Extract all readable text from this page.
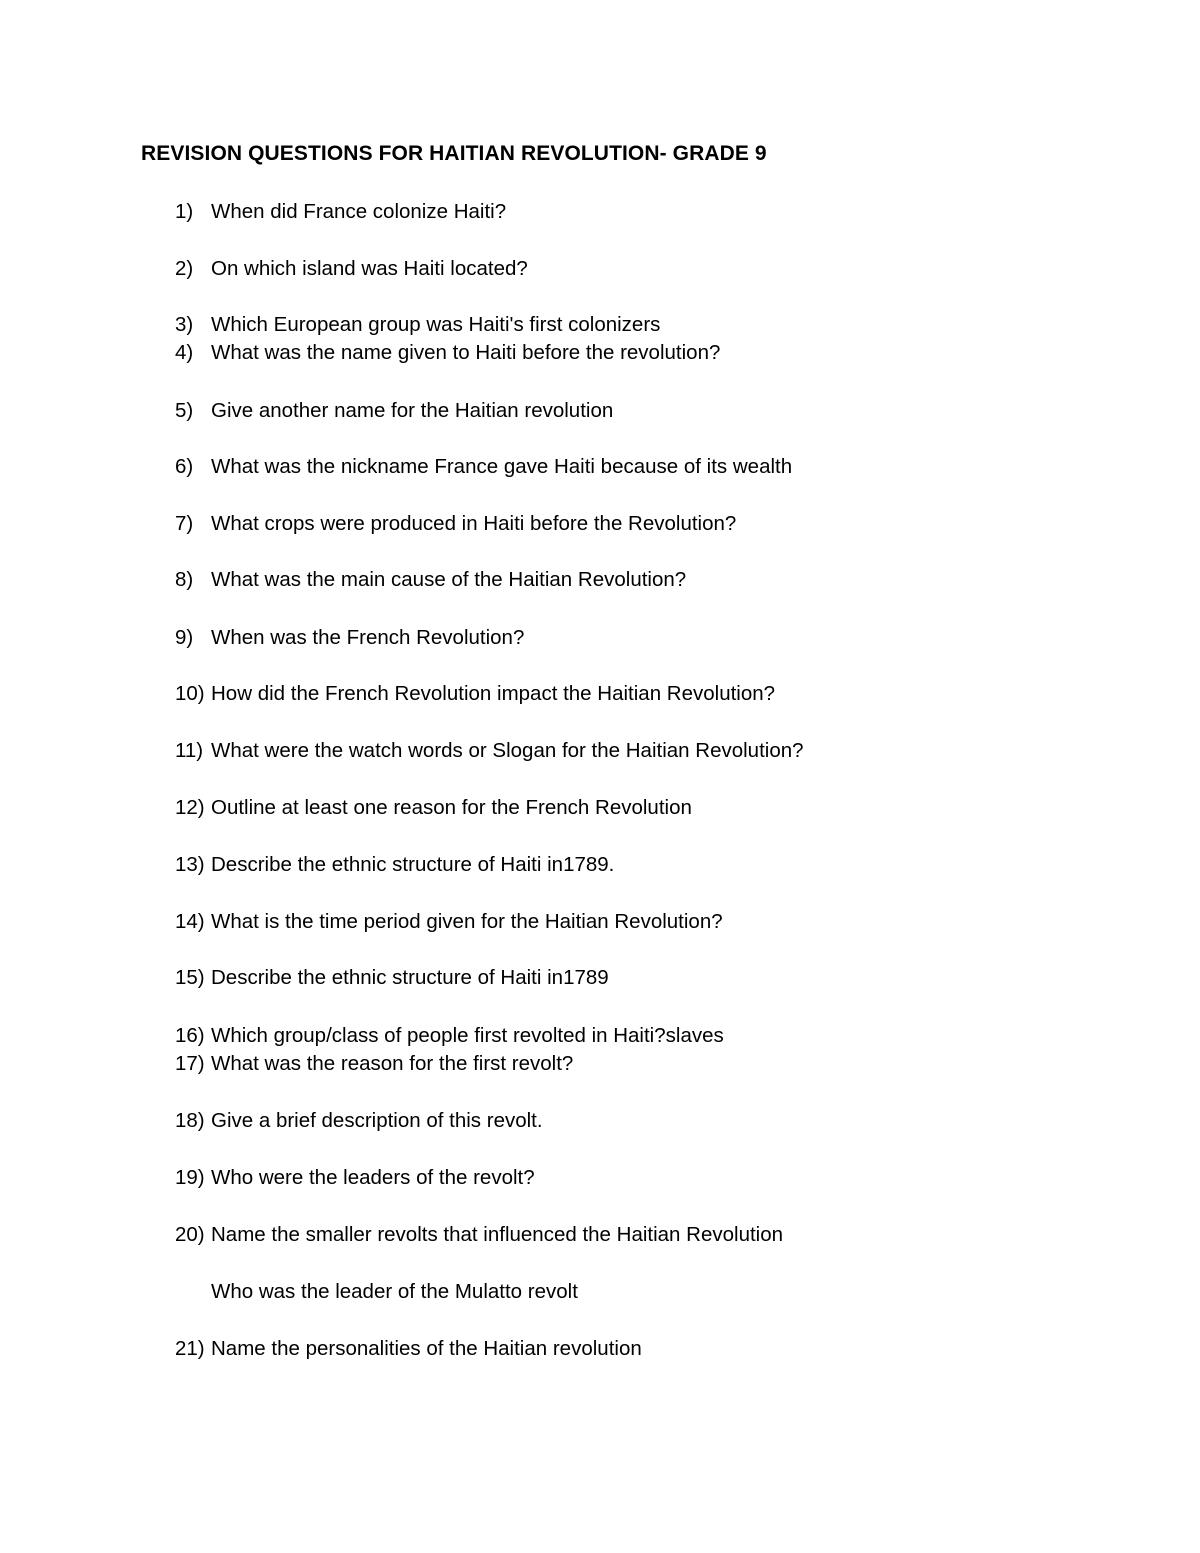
REVISION QUESTIONS FOR HAITIAN REVOLUTION- GRADE 9
1) When did France colonize Haiti?
2) On which island was Haiti located?
3) Which European group was Haiti's first colonizers
4) What was the name given to Haiti before the revolution?
5) Give another name for the Haitian revolution
6) What was the nickname France gave Haiti because of its wealth
7) What crops were produced in Haiti before the Revolution?
8) What was the main cause of the Haitian Revolution?
9) When was the French Revolution?
10) How did the French Revolution impact the Haitian Revolution?
11) What were the watch words or Slogan for the Haitian Revolution?
12) Outline at least one reason for the French Revolution
13) Describe the ethnic structure of Haiti in1789.
14) What is the time period given for the Haitian Revolution?
15) Describe the ethnic structure of Haiti in1789
16) Which group/class of people first revolted in Haiti?slaves
17) What was the reason for the first revolt?
18) Give a brief description of this revolt.
19) Who were the leaders of the revolt?
20) Name the smaller revolts that influenced the Haitian Revolution
Who was the leader of the Mulatto revolt
21) Name the personalities of the Haitian revolution
